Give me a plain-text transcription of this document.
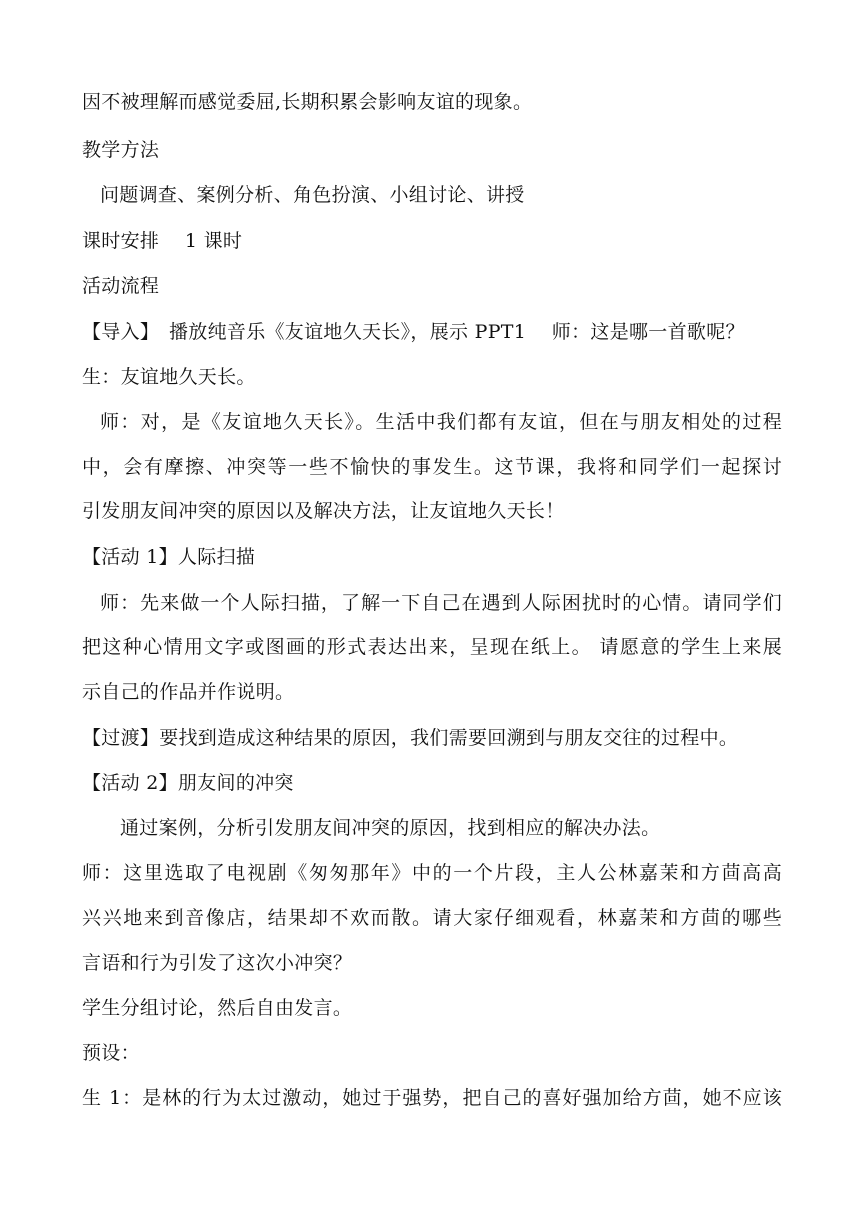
因不被理解而感觉委屈,长期积累会影响友谊的现象。
教学方法
问题调查、案例分析、角色扮演、小组讨论、讲授
课时安排　 1 课时
活动流程
【导入】　播放纯音乐《友谊地久天长》，展示 PPT1　 师：这是哪一首歌呢？
生：友谊地久天长。
师：对，是《友谊地久天长》。生活中我们都有友谊，但在与朋友相处的过程
中，会有摩擦、冲突等一些不愉快的事发生。这节课，我将和同学们一起探讨
引发朋友间冲突的原因以及解决方法，让友谊地久天长！
【活动 1】人际扫描
师：先来做一个人际扫描，了解一下自己在遇到人际困扰时的心情。请同学们
把这种心情用文字或图画的形式表达出来，呈现在纸上。 请愿意的学生上来展
示自己的作品并作说明。
【过渡】要找到造成这种结果的原因，我们需要回溯到与朋友交往的过程中。
【活动 2】朋友间的冲突
通过案例，分析引发朋友间冲突的原因，找到相应的解决办法。
师：这里选取了电视剧《匆匆那年》中的一个片段，主人公林嘉茉和方茴高高
兴兴地来到音像店，结果却不欢而散。请大家仔细观看，林嘉茉和方茴的哪些
言语和行为引发了这次小冲突？
学生分组讨论，然后自由发言。
预设：
生 1：是林的行为太过激动，她过于强势，把自己的喜好强加给方茴，她不应该
